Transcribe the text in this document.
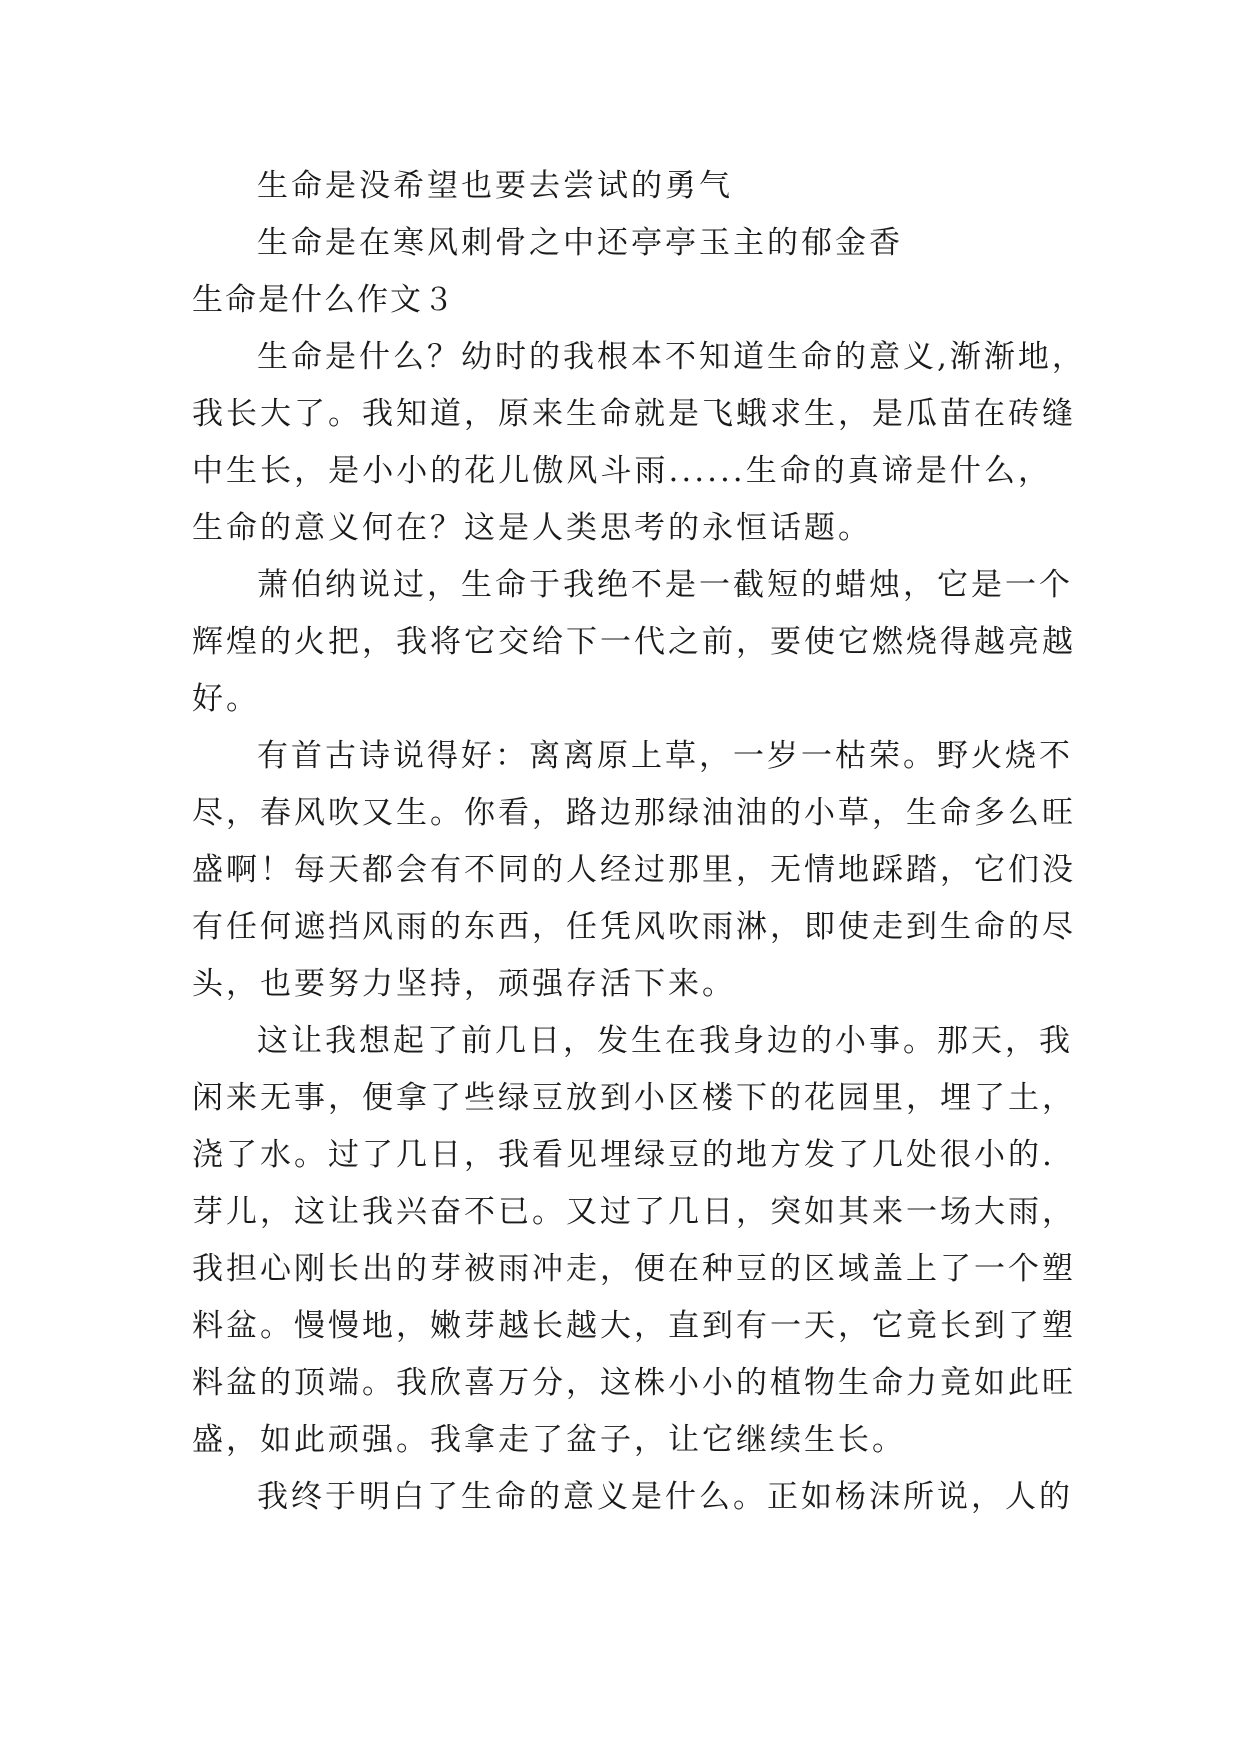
生命是没希望也要去尝试的勇气
生命是在寒风刺骨之中还亭亭玉主的郁金香
生命是什么作文３
生命是什么？幼时的我根本不知道生命的意义,渐渐地，
我长大了。我知道，原来生命就是飞蛾求生，是瓜苗在砖缝
中生长，是小小的花儿傲风斗雨......生命的真谛是什么，
生命的意义何在？这是人类思考的永恒话题。
萧伯纳说过，生命于我绝不是一截短的蜡烛，它是一个
辉煌的火把，我将它交给下一代之前，要使它燃烧得越亮越
好。
有首古诗说得好：离离原上草，一岁一枯荣。野火烧不
尽，春风吹又生。你看，路边那绿油油的小草，生命多么旺
盛啊！每天都会有不同的人经过那里，无情地踩踏，它们没
有任何遮挡风雨的东西，任凭风吹雨淋，即使走到生命的尽
头，也要努力坚持，顽强存活下来。
这让我想起了前几日，发生在我身边的小事。那天，我
闲来无事，便拿了些绿豆放到小区楼下的花园里，埋了土，
浇了水。过了几日，我看见埋绿豆的地方发了几处很小的.
芽儿，这让我兴奋不已。又过了几日，突如其来一场大雨，
我担心刚长出的芽被雨冲走，便在种豆的区域盖上了一个塑
料盆。慢慢地，嫩芽越长越大，直到有一天，它竟长到了塑
料盆的顶端。我欣喜万分，这株小小的植物生命力竟如此旺
盛，如此顽强。我拿走了盆子，让它继续生长。
我终于明白了生命的意义是什么。正如杨沫所说，人的
